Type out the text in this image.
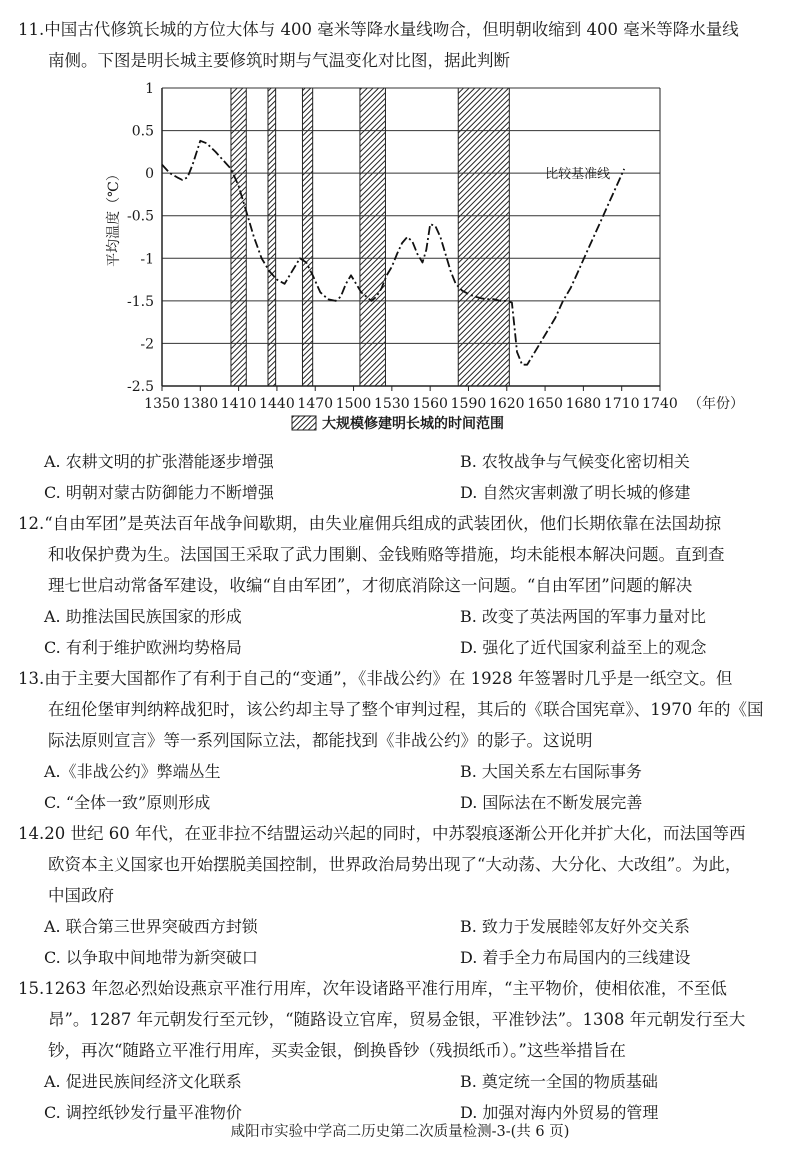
11.中国古代修筑长城的方位大体与 400 毫米等降水量线吻合，但明朝收缩到 400 毫米等降水量线
南侧。下图是明长城主要修筑时期与气温变化对比图，据此判断
1
0.5
0
-0.5
-1
-1.5
-2
-2.5
1350 1380 1410 1440 1470 1500 1530 1560 1590 1620 1650 1680 1710 1740 （年份）
平均温度（℃）	比较基准线
大规模修建明长城的时间范围
A. 农耕文明的扩张潜能逐步增强	B. 农牧战争与气候变化密切相关
C. 明朝对蒙古防御能力不断增强	D. 自然灾害刺激了明长城的修建
12.“自由军团”是英法百年战争间歇期，由失业雇佣兵组成的武装团伙，他们长期依靠在法国劫掠
和收保护费为生。法国国王采取了武力围剿、金钱贿赂等措施，均未能根本解决问题。直到查
理七世启动常备军建设，收编“自由军团”，才彻底消除这一问题。“自由军团”问题的解决
A. 助推法国民族国家的形成	B. 改变了英法两国的军事力量对比
C. 有利于维护欧洲均势格局	D. 强化了近代国家利益至上的观念
13.由于主要大国都作了有利于自己的“变通”，《非战公约》在 1928 年签署时几乎是一纸空文。但
在纽伦堡审判纳粹战犯时，该公约却主导了整个审判过程，其后的《联合国宪章》、1970 年的《国
际法原则宣言》等一系列国际立法，都能找到《非战公约》的影子。这说明
A.《非战公约》弊端丛生	B. 大国关系左右国际事务
C. “全体一致”原则形成	D. 国际法在不断发展完善
14.20 世纪 60 年代，在亚非拉不结盟运动兴起的同时，中苏裂痕逐渐公开化并扩大化，而法国等西
欧资本主义国家也开始摆脱美国控制，世界政治局势出现了“大动荡、大分化、大改组”。为此，
中国政府
A. 联合第三世界突破西方封锁	B. 致力于发展睦邻友好外交关系
C. 以争取中间地带为新突破口	D. 着手全力布局国内的三线建设
15.1263 年忽必烈始设燕京平准行用库，次年设诸路平准行用库，“主平物价，使相依准，不至低
昂”。1287 年元朝发行至元钞，“随路设立官库，贸易金银，平准钞法”。1308 年元朝发行至大
钞，再次“随路立平准行用库，买卖金银，倒换昏钞（残损纸币）。”这些举措旨在
A. 促进民族间经济文化联系	B. 奠定统一全国的物质基础
C. 调控纸钞发行量平准物价	D. 加强对海内外贸易的管理
咸阳市实验中学高二历史第二次质量检测-3-(共 6 页)
